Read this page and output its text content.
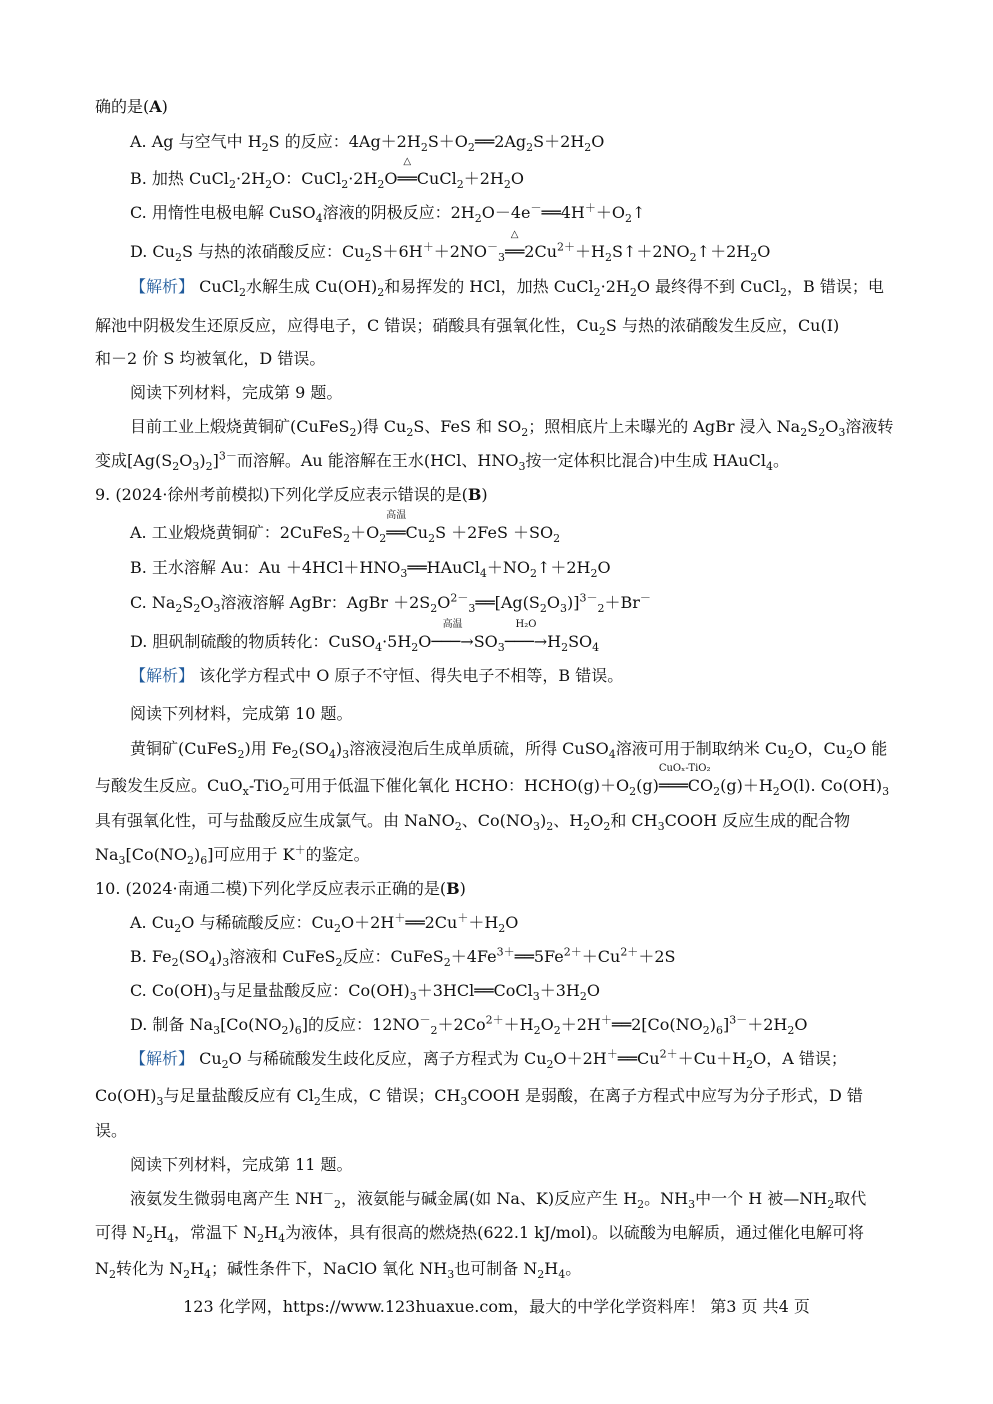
确的是(A)
A. Ag 与空气中 $H_2S$ 的反应：$4Ag+2H_2S+O_2══2Ag_2S+2H_2O$
B. 加热 $CuCl_2\cdot 2H_2O$：$CuCl_2\cdot 2H_2O$
△
$══CuCl_2+2H_2O$
C. 用惰性电极电解 CuSO$_4$溶液的阴极反应：$2H_2O-4e^-══4H^++O_2↑$
D. $Cu_2S$ 与热的浓硝酸反应：$Cu_2S+6H^++2NO^-_3$
△
$══2Cu^{2+}+H_2S↑+2NO_2↑+2H_2O$
【解析】 CuCl$_2$水解生成 $Cu(OH)_2$和易挥发的 HCl，加热 $CuCl_2\cdot 2H_2O$ 最终得不到 CuCl$_2$，B 错误；电
解池中阴极发生还原反应，应得电子，C 错误；硝酸具有强氧化性，$Cu_2S$ 与热的浓硝酸发生反应，Cu(Ⅰ)
和－2 价 S 均被氧化，D 错误。
阅读下列材料，完成第 9 题。
目前工业上煅烧黄铜矿(CuFeS$_2$)得 $Cu_2S$、FeS 和 $SO_2$；照相底片上未曝光的 AgBr 浸入 $Na_2S_2O_3$溶液转
变成$[Ag(S_2O_3)_2]^{3-}$而溶解。Au 能溶解在王水(HCl、$HNO_3$按一定体积比混合)中生成 HAuCl$_4$。
9. (2024·徐州考前模拟)下列化学反应表示错误的是(B)
A. 工业煅烧黄铜矿：$2CuFeS_2+O_2$
高温
$══Cu_2S +2FeS +SO_2$
B. 王水溶解 Au：$Au +4HCl+HNO_3══HAuCl_4+NO_2↑+2H_2O$
C. $Na_2S_2O_3$溶液溶解 AgBr：AgBr $+2S_2O^{2-}_3══[Ag(S_2O_3)]^{3-}_2+Br^-$
D. 胆矾制硫酸的物质转化：$CuSO_4\cdot 5H_2O$
高温
$───\to SO_3$
H₂O
$───\to H_2SO_4$
【解析】 该化学方程式中 O 原子不守恒、得失电子不相等，B 错误。
阅读下列材料，完成第 10 题。
黄铜矿(CuFeS$_2$)用 $Fe_2(SO_4)_3$溶液浸泡后生成单质硫，所得 CuSO$_4$溶液可用于制取纳米 $Cu_2O$，$Cu_2O$ 能
与酸发生反应。CuO$_x$-TiO$_2$可用于低温下催化氧化 HCHO：$HCHO(g)+O_2(g)$
CuOₓ-TiO₂
$═══CO_2(g)+H_2O(l)$. $Co(OH)_3$
具有强氧化性，可与盐酸反应生成氯气。由 NaNO$_2$、$Co(NO_3)_2$、$H_2O_2$和 $CH_3COOH$ 反应生成的配合物
$Na_3[Co(NO_2)_6]$可应用于 K＋的鉴定。
10. (2024·南通二模)下列化学反应表示正确的是(B)
A. $Cu_2O$ 与稀硫酸反应：$Cu_2O+2H^+══2Cu^++H_2O$
B. $Fe_2(SO_4)_3$溶液和 CuFeS$_2$反应：$CuFeS_2+4Fe^{3+}══5Fe^{2+}+Cu^{2+}+2S$
C. $Co(OH)_3$与足量盐酸反应：$Co(OH)_3+3HCl══CoCl_3+3H_2O$
D. 制备 $Na_3[Co(NO_2)_6]$的反应：$12NO^-_2+2Co^{2+}+H_2O_2+2H^+══2[Co(NO_2)_6]^{3-}+2H_2O$
【解析】 $Cu_2O$ 与稀硫酸发生歧化反应，离子方程式为 $Cu_2O+2H^+══Cu^{2+}+Cu+H_2O$，A 错误；
$Co(OH)_3$与足量盐酸反应有 $Cl_2$生成，C 错误；$CH_3COOH$ 是弱酸，在离子方程式中应写为分子形式，D 错
误。
阅读下列材料，完成第 11 题。
液氨发生微弱电离产生 $NH^-_2$，液氨能与碱金属(如 Na、K)反应产生 $H_2$。$NH_3$中一个 H 被$—NH_2$取代
可得 $N_2H_4$，常温下 $N_2H_4$为液体，具有很高的燃烧热(622.1 kJ/mol)。以硫酸为电解质，通过催化电解可将
$N_2$转化为 $N_2H_4$；碱性条件下，NaClO 氧化 $NH_3$也可制备 $N_2H_4$。
123 化学网，https://www.123huaxue.com，最大的中学化学资料库！ 第3 页 共4 页
